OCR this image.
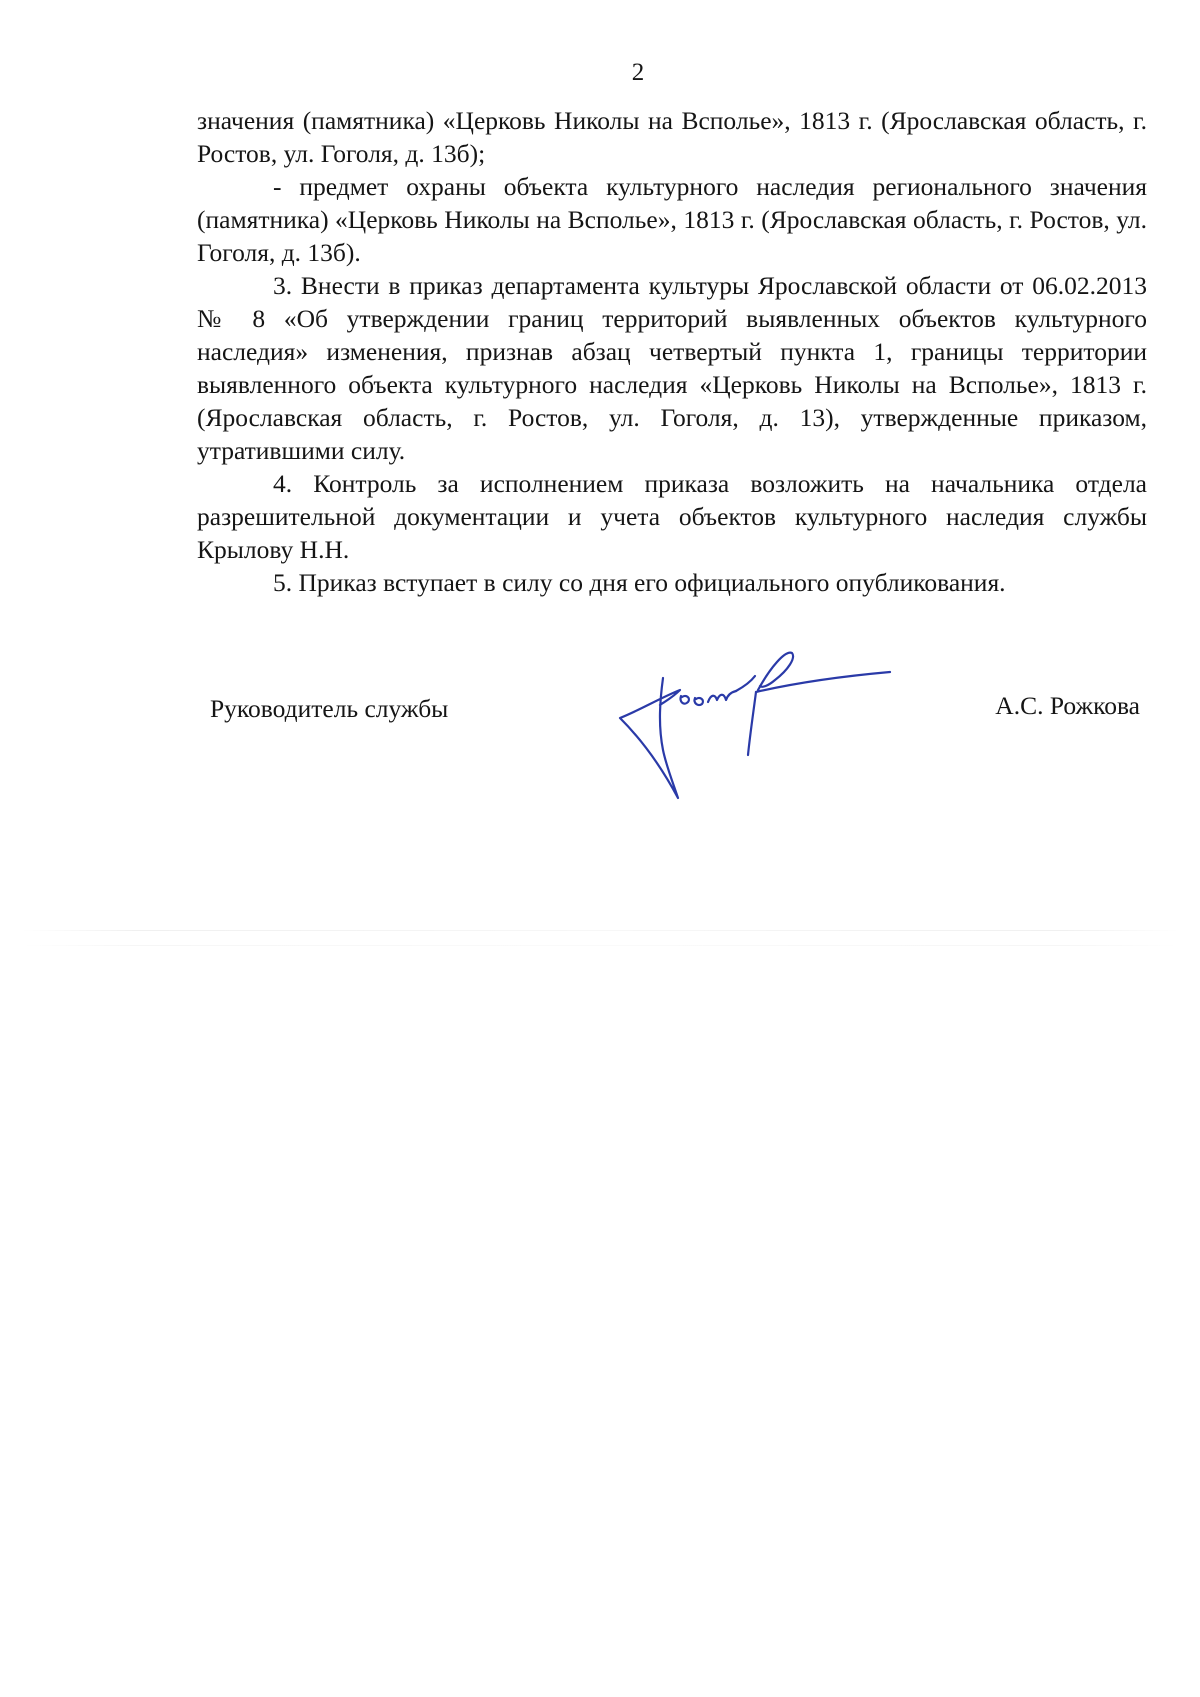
2

значения (памятника) «Церковь Николы на Всполье», 1813 г. (Ярославская область, г. Ростов, ул. Гоголя, д. 13б);

- предмет охраны объекта культурного наследия регионального значения (памятника) «Церковь Николы на Всполье», 1813 г. (Ярославская область, г. Ростов, ул. Гоголя, д. 13б).

3. Внести в приказ департамента культуры Ярославской области от 06.02.2013 № 8 «Об утверждении границ территорий выявленных объектов культурного наследия» изменения, признав абзац четвертый пункта 1, границы территории выявленного объекта культурного наследия «Церковь Николы на Всполье», 1813 г. (Ярославская область, г. Ростов, ул. Гоголя, д. 13), утвержденные приказом, утратившими силу.

4. Контроль за исполнением приказа возложить на начальника отдела разрешительной документации и учета объектов культурного наследия службы Крылову Н.Н.

5. Приказ вступает в силу со дня его официального опубликования.

Руководитель службы	А.С. Рожкова
